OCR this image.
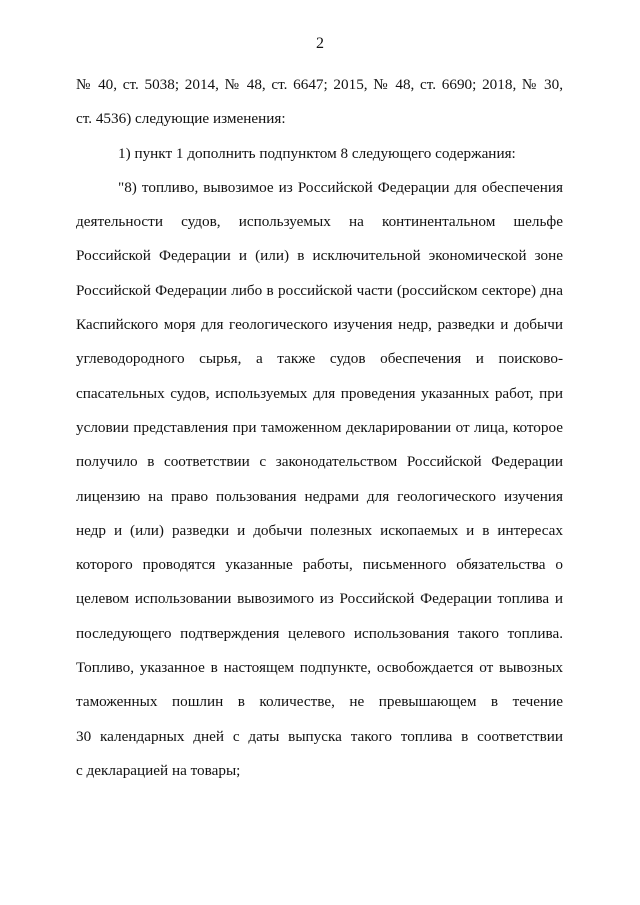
2
№ 40, ст. 5038; 2014, № 48, ст. 6647; 2015, № 48, ст. 6690; 2018, № 30,
ст. 4536) следующие изменения:
1) пункт 1 дополнить подпунктом 8 следующего содержания:
"8) топливо, вывозимое из Российской Федерации для обеспечения
деятельности судов, используемых на континентальном шельфе
Российской Федерации и (или) в исключительной экономической зоне
Российской Федерации либо в российской части (российском секторе) дна
Каспийского моря для геологического изучения недр, разведки и добычи
углеводородного сырья, а также судов обеспечения и поисково-
спасательных судов, используемых для проведения указанных работ, при
условии представления при таможенном декларировании от лица, которое
получило в соответствии с законодательством Российской Федерации
лицензию на право пользования недрами для геологического изучения
недр и (или) разведки и добычи полезных ископаемых и в интересах
которого проводятся указанные работы, письменного обязательства о
целевом использовании вывозимого из Российской Федерации топлива и
последующего подтверждения целевого использования такого топлива.
Топливо, указанное в настоящем подпункте, освобождается от вывозных
таможенных пошлин в количестве, не превышающем в течение
30 календарных дней с даты выпуска такого топлива в соответствии
с декларацией на товары;
